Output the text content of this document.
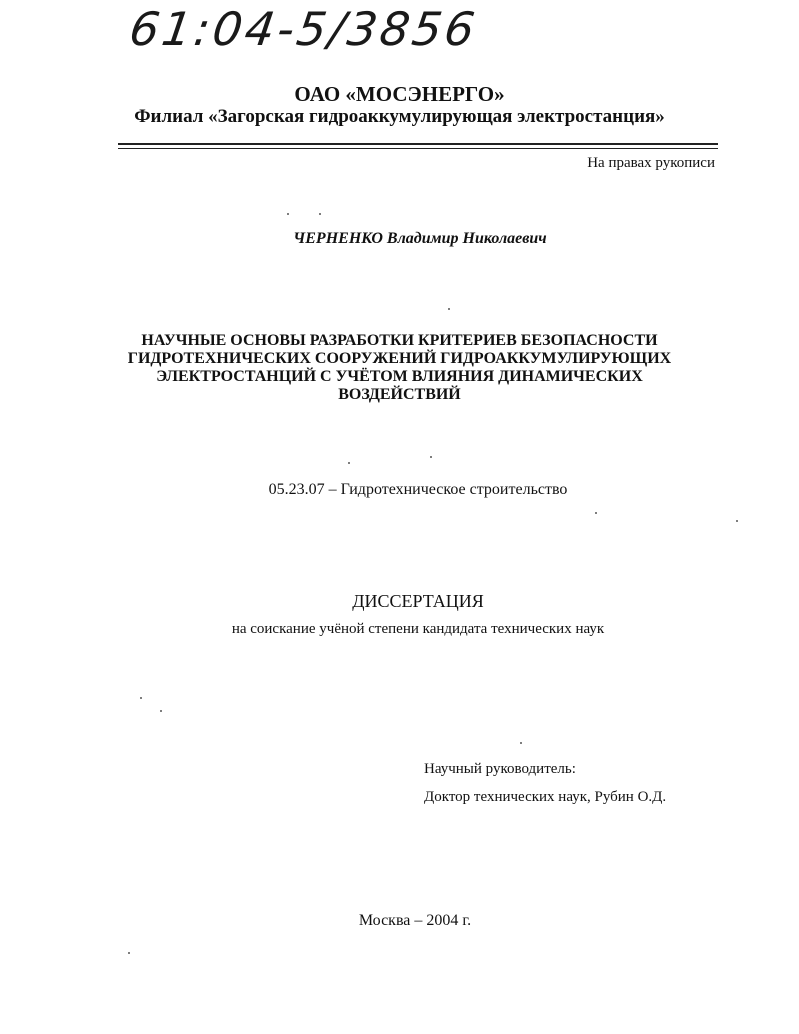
61:04-5/3856
ОАО «МОСЭНЕРГО»
Филиал «Загорская гидроаккумулирующая электростанция»
На правах рукописи
ЧЕРНЕНКО Владимир Николаевич
НАУЧНЫЕ ОСНОВЫ РАЗРАБОТКИ КРИТЕРИЕВ БЕЗОПАСНОСТИ
ГИДРОТЕХНИЧЕСКИХ СООРУЖЕНИЙ ГИДРОАККУМУЛИРУЮЩИХ
ЭЛЕКТРОСТАНЦИЙ С УЧЁТОМ ВЛИЯНИЯ ДИНАМИЧЕСКИХ
ВОЗДЕЙСТВИЙ
05.23.07 – Гидротехническое строительство
ДИССЕРТАЦИЯ
на соискание учёной степени кандидата технических наук
Научный руководитель:
Доктор технических наук, Рубин О.Д.
Москва – 2004 г.
